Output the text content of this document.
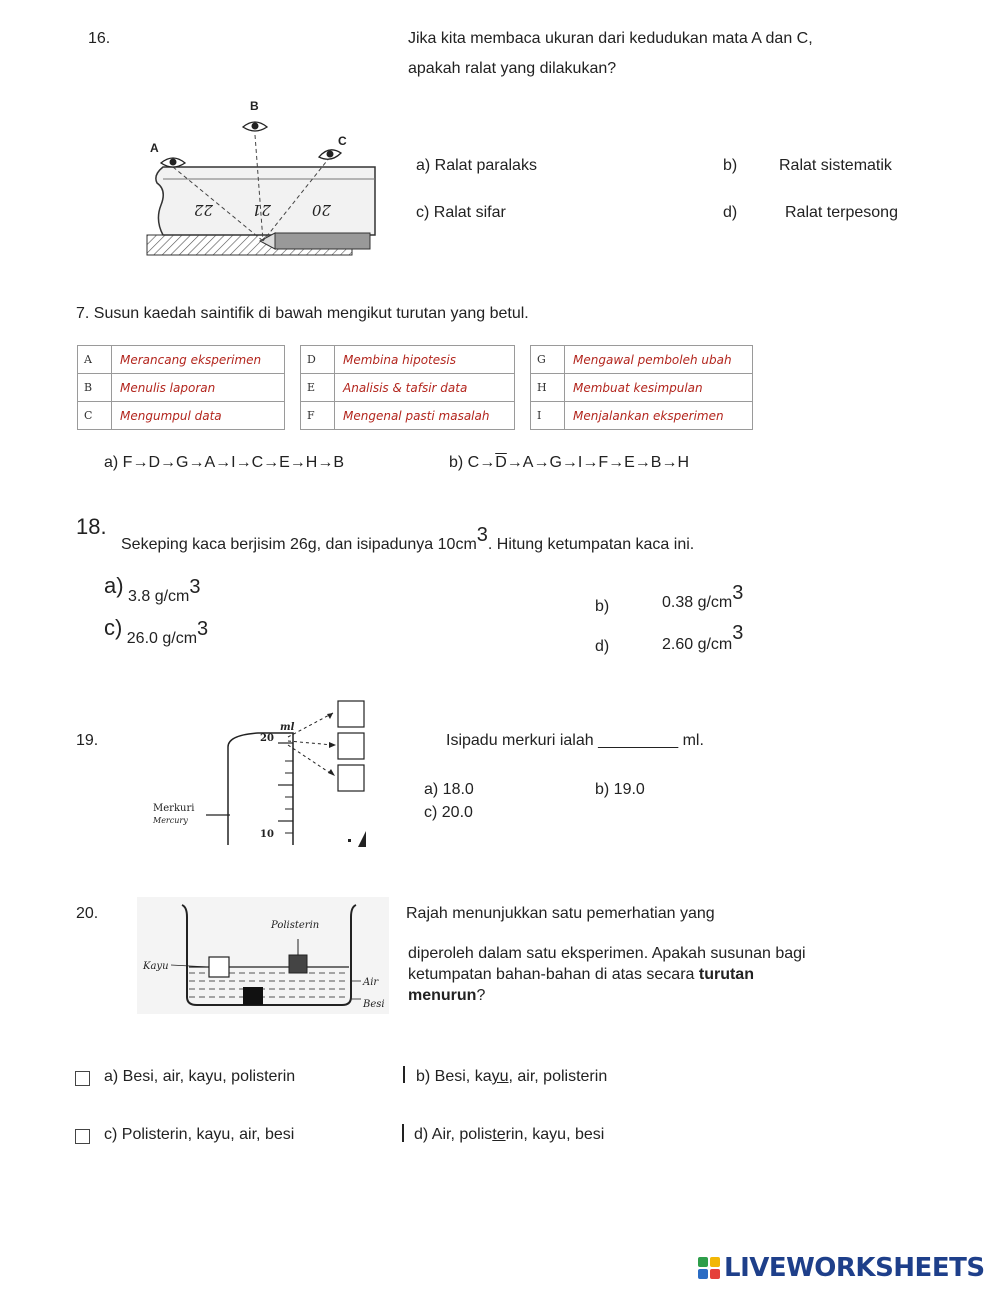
16.	Jika kita membaca ukuran dari kedudukan mata A dan C,
apakah ralat yang dilakukan?
22	21	20
A
B
C
a) Ralat paralaks	b)	Ralat sistematik
c) Ralat sifar	d)	Ralat terpesong
7. Susun kaedah saintifik di bawah mengikut turutan yang betul.
A	Merancang eksperimen
B	Menulis laporan
C	Mengumpul data
D	Membina hipotesis
E	Analisis & tafsir data
F	Mengenal pasti masalah
G	Mengawal pemboleh ubah
H	Membuat kesimpulan
I	Menjalankan eksperimen
a) F→D→G→A→I→C→E→H→B	b) $C\to\overline{D}\to A\to G\to I\to F\to E\to B\to H$
18.
Sekeping kaca berjisim 26g, dan isipadunya 10cm3. Hitung ketumpatan kaca ini.
a) 3.8 g/cm3
b)	0.38 g/cm3
c) 26.0 g/cm3
d)	2.60 g/cm3
19.
ml
20
10
Merkuri
Mercury
Isipadu merkuri ialah _________ ml.
a) 18.0	b) 19.0
c) 20.0
20.
Polisterin
Kayu
Air
Besi
Rajah menunjukkan satu pemerhatian yang
diperoleh dalam satu eksperimen. Apakah susunan bagi
ketumpatan bahan-bahan di atas secara turutan
menurun?
a) Besi, air, kayu, polisterin	b) Besi, kayu, air, polisterin
c) Polisterin, kayu, air, besi	d) Air, polisterin, kayu, besi
LIVEWORKSHEETS
